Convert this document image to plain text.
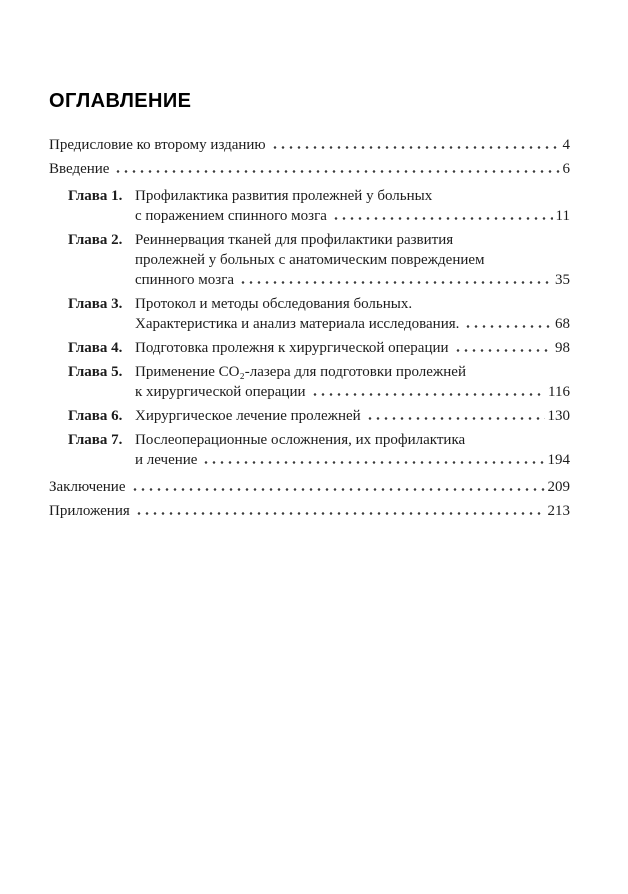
ОГЛАВЛЕНИЕ
Предисловие ко второму изданию	4
Введение	6
Глава 1. Профилактика развития пролежней у больных
с поражением спинного мозга	11
Глава 2. Реиннервация тканей для профилактики развития
пролежней у больных с анатомическим повреждением
спинного мозга	35
Глава 3. Протокол и методы обследования больных.
Характеристика и анализ материала исследования.	68
Глава 4. Подготовка пролежня к хирургической операции	98
Глава 5. Применение СО₂-лазера для подготовки пролежней
к хирургической операции	116
Глава 6. Хирургическое лечение пролежней	130
Глава 7. Послеоперационные осложнения, их профилактика
и лечение	194
Заключение	209
Приложения	213
